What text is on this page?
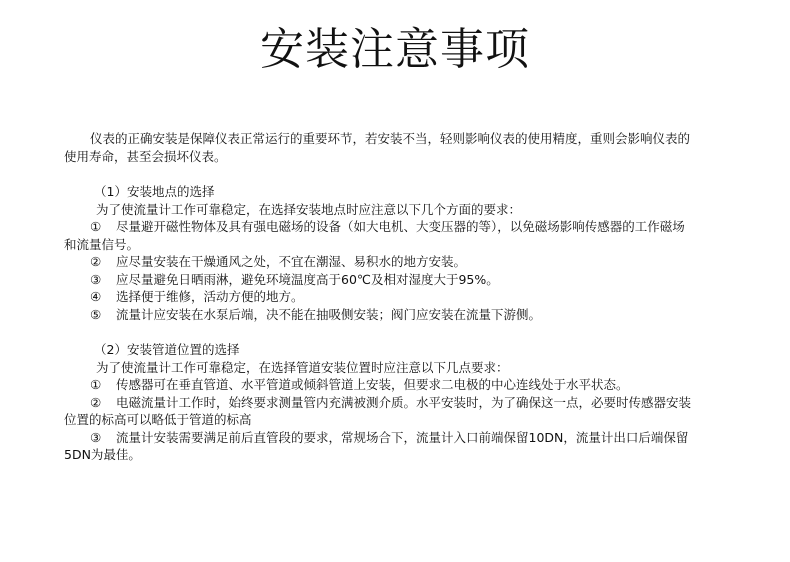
安装注意事项

仪表的正确安装是保障仪表正常运行的重要环节，若安装不当，轻则影响仪表的使用精度，重则会影响仪表的使用寿命，甚至会损坏仪表。

（1）安装地点的选择

为了使流量计工作可靠稳定，在选择安装地点时应注意以下几个方面的要求：

① 尽量避开磁性物体及具有强电磁场的设备（如大电机、大变压器的等），以免磁场影响传感器的工作磁场和流量信号。

② 应尽量安装在干燥通风之处，不宜在潮湿、易积水的地方安装。

③ 应尽量避免日晒雨淋，避免环境温度高于60℃及相对湿度大于95%。

④ 选择便于维修，活动方便的地方。

⑤ 流量计应安装在水泵后端，决不能在抽吸侧安装；阀门应安装在流量下游侧。

（2）安装管道位置的选择

为了使流量计工作可靠稳定，在选择管道安装位置时应注意以下几点要求：

① 传感器可在垂直管道、水平管道或倾斜管道上安装，但要求二电极的中心连线处于水平状态。

② 电磁流量计工作时，始终要求测量管内充满被测介质。水平安装时，为了确保这一点，必要时传感器安装位置的标高可以略低于管道的标高

③ 流量计安装需要满足前后直管段的要求，常规场合下，流量计入口前端保留10DN，流量计出口后端保留5DN为最佳。
